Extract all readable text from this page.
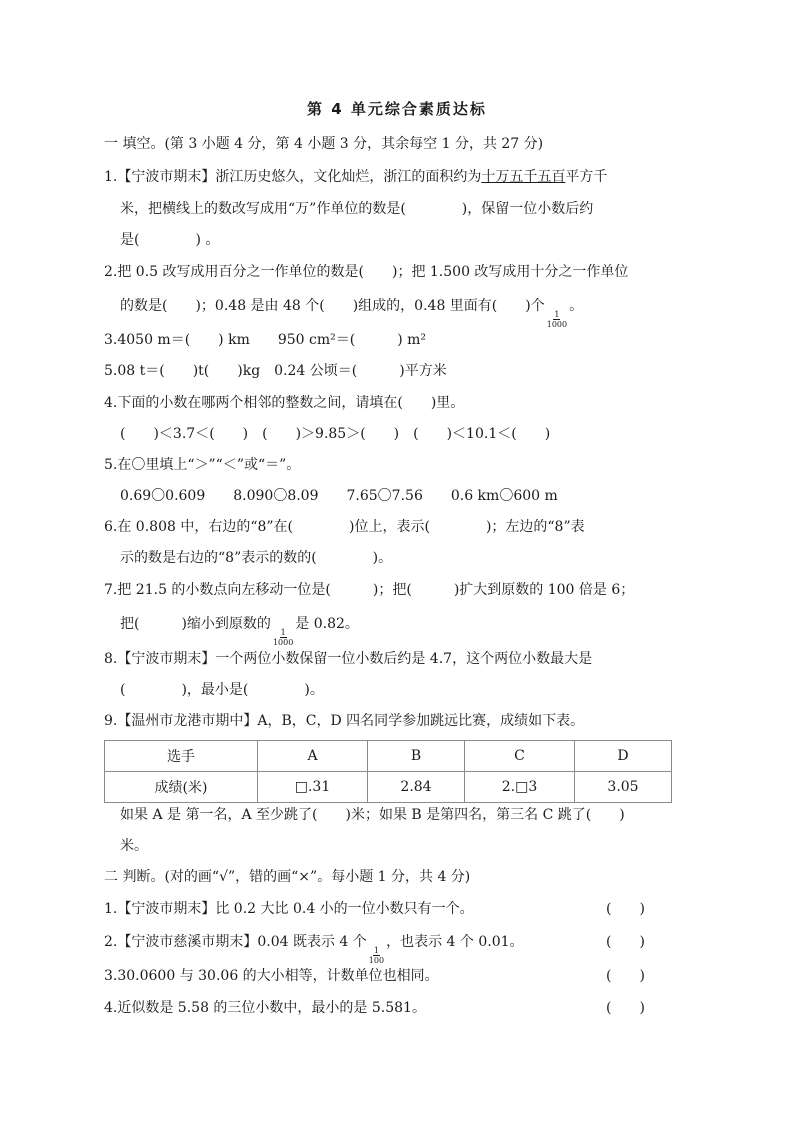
第 4 单元综合素质达标
一 填空。(第 3 小题 4 分，第 4 小题 3 分，其余每空 1 分，共 27 分)
1.【宁波市期末】浙江历史悠久，文化灿烂，浙江的面积约为十万五千五百平方千
米，把横线上的数改写成用“万”作单位的数是(　　　　)，保留一位小数后约
是(　　　　) 。
2.把 0.5 改写成用百分之一作单位的数是(　　)；把 1.500 改写成用十分之一作单位
的数是(　　)；0.48 是由 48 个(　　)组成的，0.48 里面有(　　)个
$\frac{1}{1000}$
。
3.4050 m＝(　　) km　　950 cm²＝(　　　) m²
5.08 t＝(　　)t(　　)kg　0.24 公顷＝(　　　)平方米
4.下面的小数在哪两个相邻的整数之间，请填在(　　)里。
(　　)＜3.7＜(　　)　(　　)＞9.85＞(　　)　(　　)＜10.1＜(　　)
5.在〇里填上“＞”“＜”或“＝”。
0.69〇0.609　　8.090〇8.09　　7.65〇7.56　　0.6 km〇600 m
6.在 0.808 中，右边的“8”在(　　　　)位上，表示(　　　　)；左边的“8”表
示的数是右边的“8”表示的数的(　　　　)。
7.把 21.5 的小数点向左移动一位是(　　　)；把(　　　)扩大到原数的 100 倍是 6；
把(　　　)缩小到原数的
$\frac{1}{1000}$
是 0.82。
8.【宁波市期末】一个两位小数保留一位小数后约是 4.7，这个两位小数最大是
(　　　　)，最小是(　　　　)。
9.【温州市龙港市期中】A，B，C，D 四名同学参加跳远比赛，成绩如下表。
选手	A	B	C	D
成绩(米)	□.31	2.84	2.□3	3.05
如果 A 是 第一名，A 至少跳了(　　)米；如果 B 是第四名，第三名 C 跳了(　　)
米。
二 判断。(对的画“√”，错的画“×”。每小题 1 分，共 4 分)
1.【宁波市期末】比 0.2 大比 0.4 小的一位小数只有一个。	(　　)
2.【宁波市慈溪市期末】0.04 既表示 4 个
$\frac{1}{100}$
，也表示 4 个 0.01。	(　　)
3.30.0600 与 30.06 的大小相等，计数单位也相同。	(　　)
4.近似数是 5.58 的三位小数中，最小的是 5.581。	(　　)
